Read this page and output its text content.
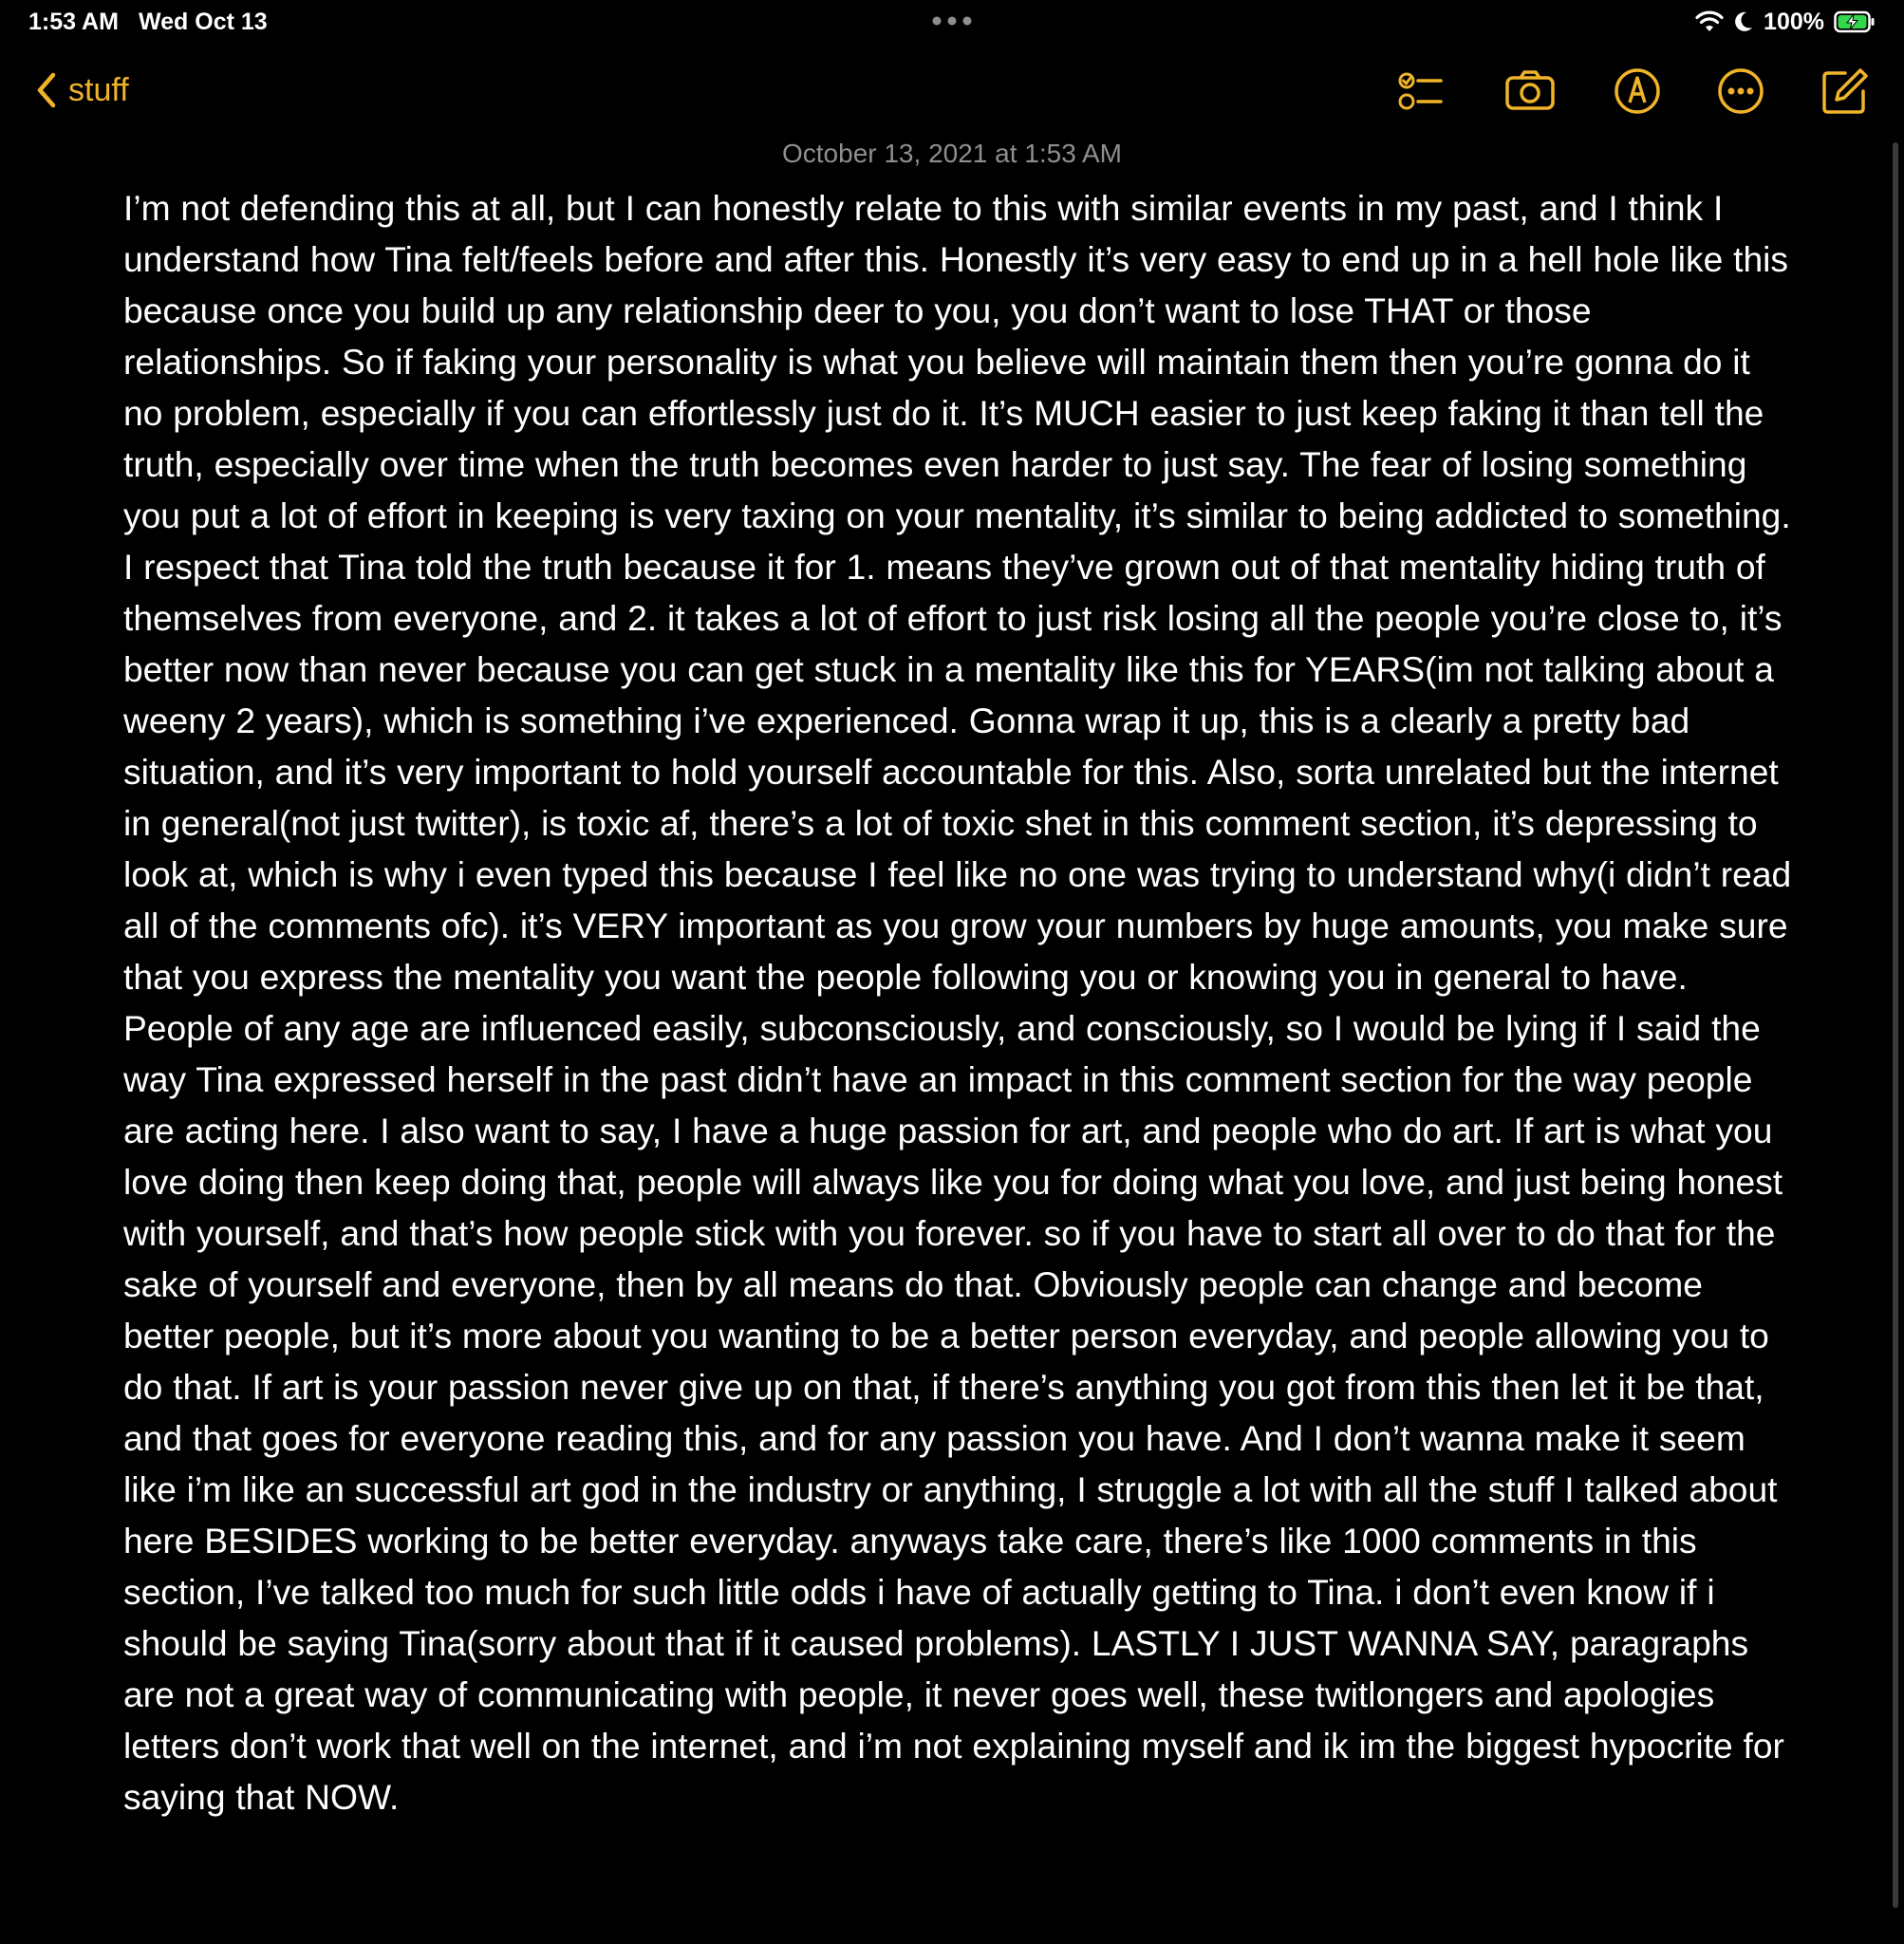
1:53 AM Wed Oct 13	100%
stuff
October 13, 2021 at 1:53 AM
I’m not defending this at all, but I can honestly relate to this with similar events in my past, and I think I understand how Tina felt/feels before and after this. Honestly it’s very easy to end up in a hell hole like this because once you build up any relationship deer to you, you don’t want to lose THAT or those relationships. So if faking your personality is what you believe will maintain them then you’re gonna do it no problem, especially if you can effortlessly just do it. It’s MUCH easier to just keep faking it than tell the truth, especially over time when the truth becomes even harder to just say. The fear of losing something you put a lot of effort in keeping is very taxing on your mentality, it’s similar to being addicted to something. I respect that Tina told the truth because it for 1. means they’ve grown out of that mentality hiding truth of themselves from everyone, and 2. it takes a lot of effort to just risk losing all the people you’re close to, it’s better now than never because you can get stuck in a mentality like this for YEARS(im not talking about a weeny 2 years), which is something i’ve experienced. Gonna wrap it up, this is a clearly a pretty bad situation, and it’s very important to hold yourself accountable for this. Also, sorta unrelated but the internet in general(not just twitter), is toxic af, there’s a lot of toxic shet in this comment section, it’s depressing to look at, which is why i even typed this because I feel like no one was trying to understand why(i didn’t read all of the comments ofc). it’s VERY important as you grow your numbers by huge amounts, you make sure that you express the mentality you want the people following you or knowing you in general to have. People of any age are influenced easily, subconsciously, and consciously, so I would be lying if I said the way Tina expressed herself in the past didn’t have an impact in this comment section for the way people are acting here. I also want to say, I have a huge passion for art, and people who do art. If art is what you love doing then keep doing that, people will always like you for doing what you love, and just being honest with yourself, and that’s how people stick with you forever. so if you have to start all over to do that for the sake of yourself and everyone, then by all means do that. Obviously people can change and become better people, but it’s more about you wanting to be a better person everyday, and people allowing you to do that. If art is your passion never give up on that, if there’s anything you got from this then let it be that, and that goes for everyone reading this, and for any passion you have. And I don’t wanna make it seem like i’m like an successful art god in the industry or anything, I struggle a lot with all the stuff I talked about here BESIDES working to be better everyday. anyways take care, there’s like 1000 comments in this section, I’ve talked too much for such little odds i have of actually getting to Tina. i don’t even know if i should be saying Tina(sorry about that if it caused problems). LASTLY I JUST WANNA SAY, paragraphs are not a great way of communicating with people, it never goes well, these twitlongers and apologies letters don’t work that well on the internet, and i’m not explaining myself and ik im the biggest hypocrite for saying that NOW.
